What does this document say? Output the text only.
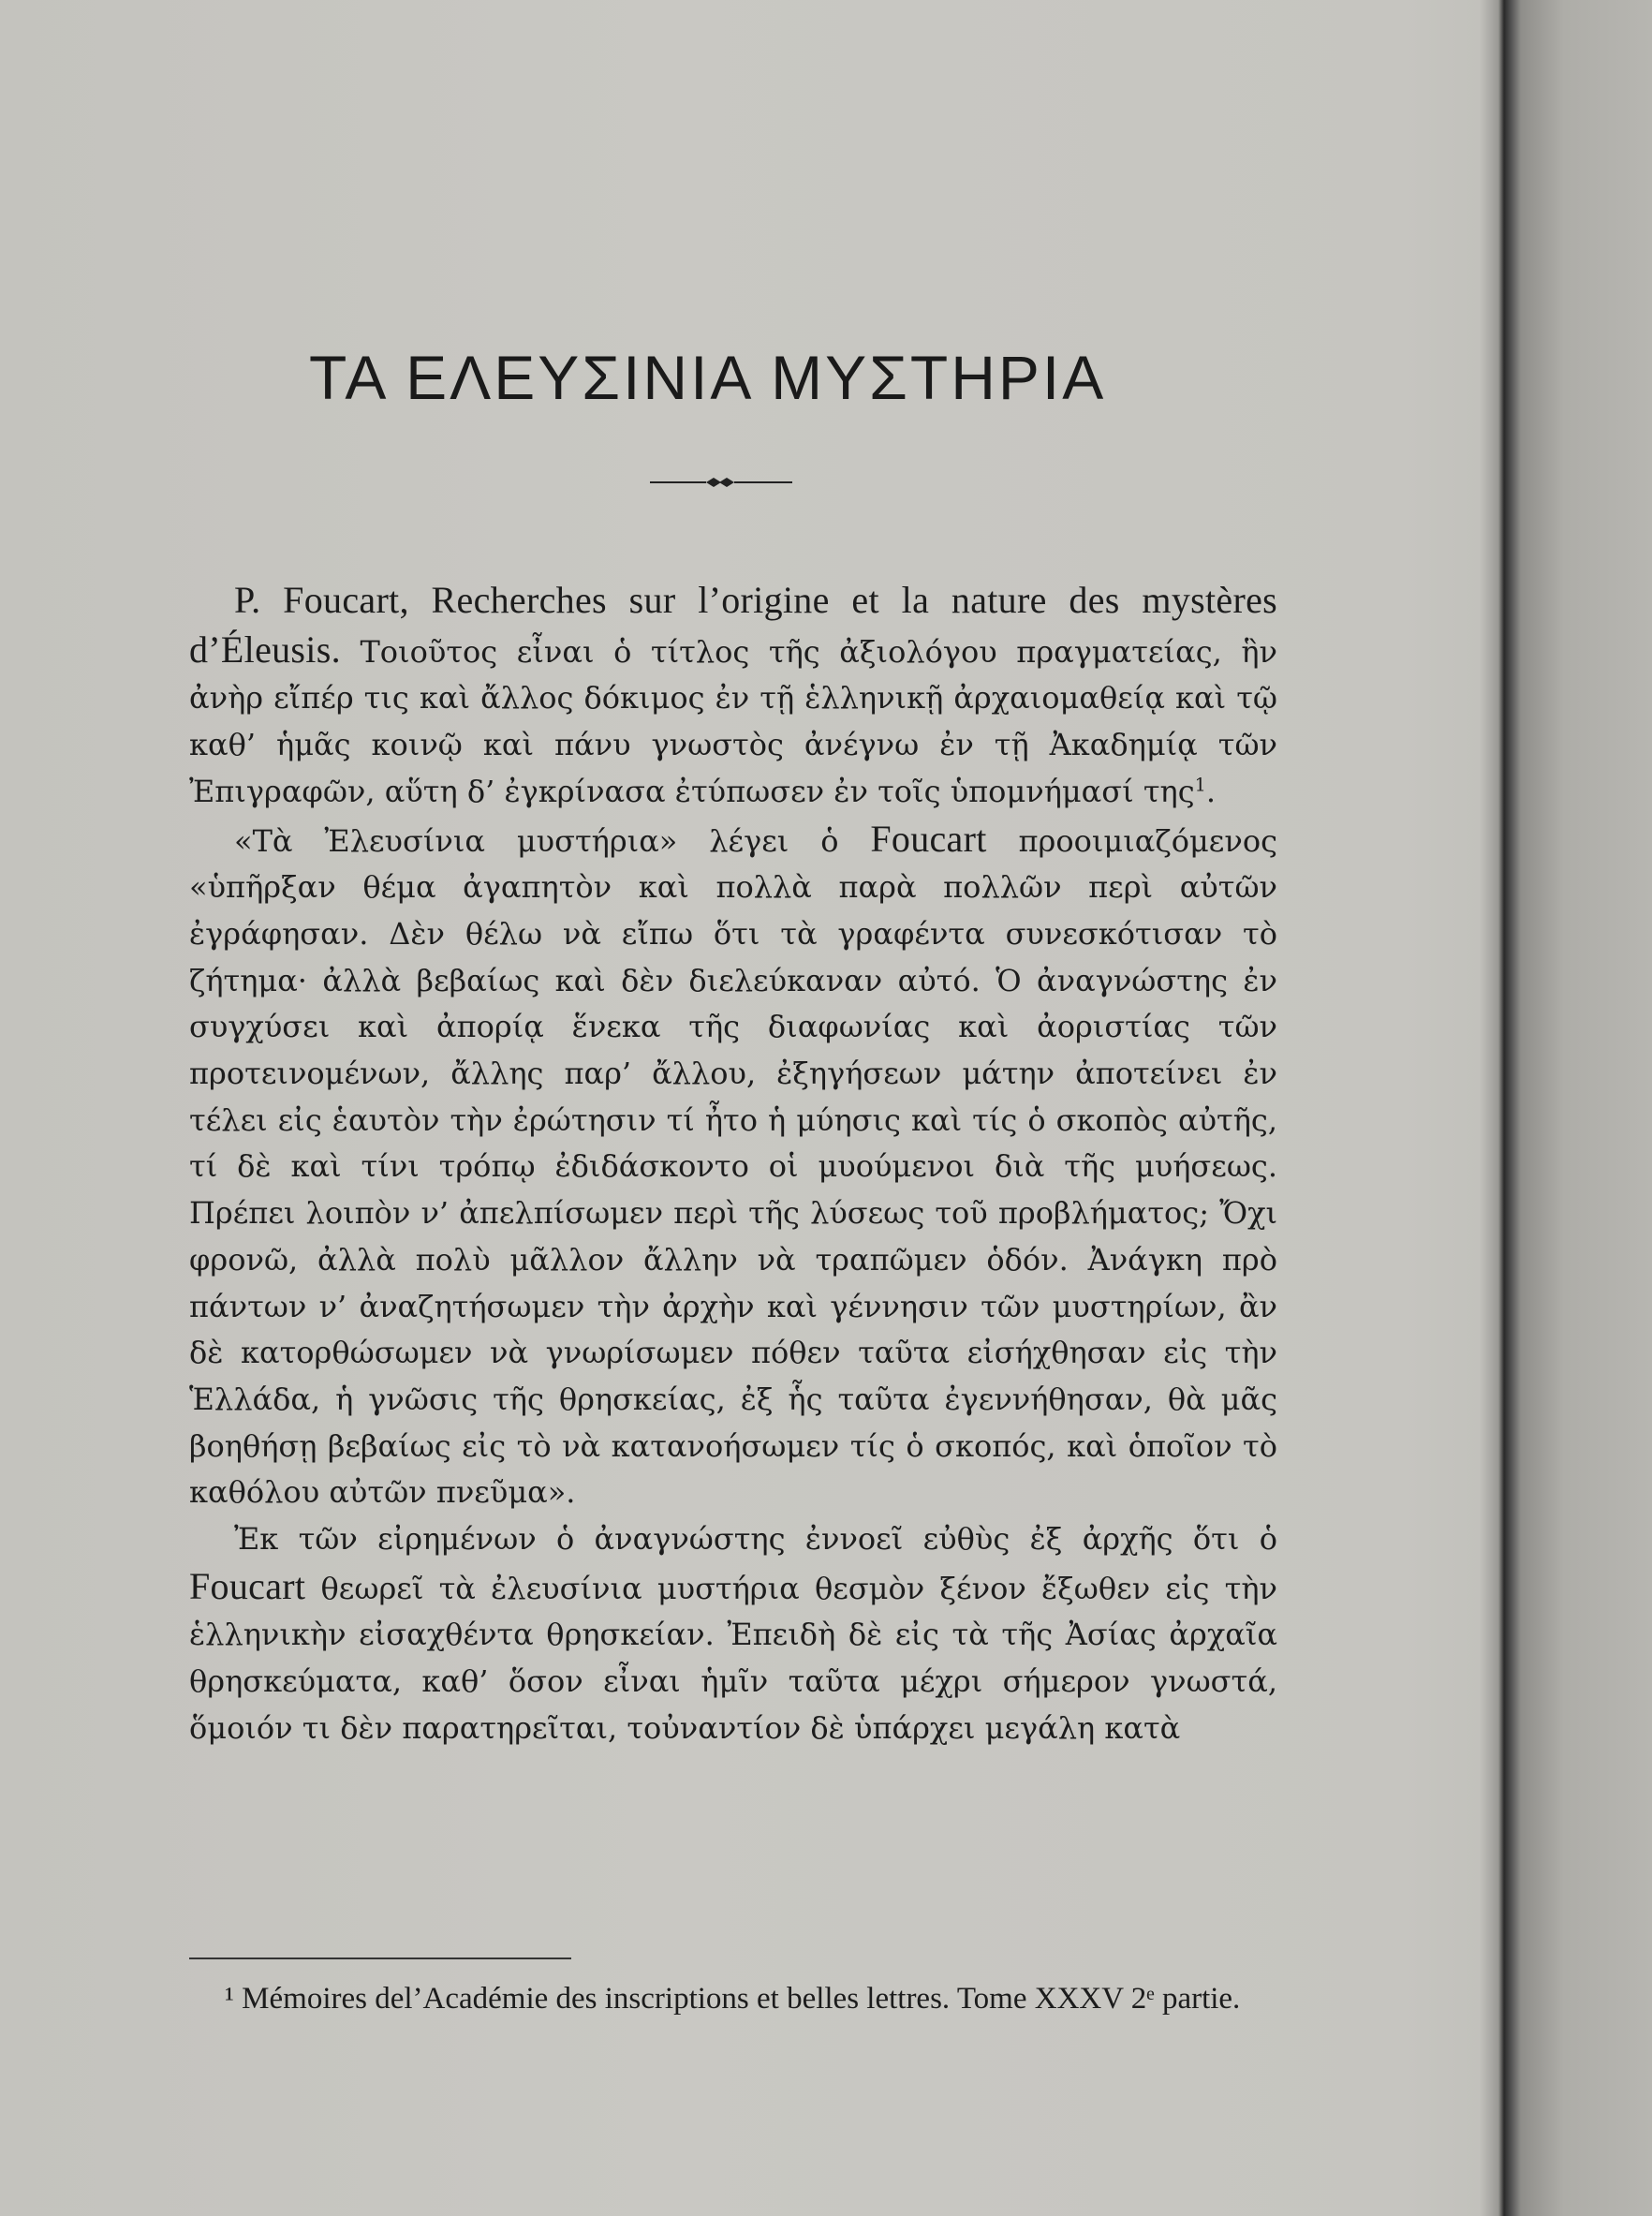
ΤΑ ΕΛΕΥΣΙΝΙΑ ΜΥΣΤΗΡΙΑ

P. Foucart, Recherches sur l’origine et la nature des mystères d’Éleusis. Τοιοῦτος εἶναι ὁ τίτλος τῆς ἀξιολόγου πραγματείας, ἣν ἀνὴρ εἴπέρ τις καὶ ἄλλος δόκιμος ἐν τῇ ἑλληνικῇ ἀρχαιομαθείᾳ καὶ τῷ καθ’ ἡμᾶς κοινῷ καὶ πάνυ γνωστὸς ἀνέγνω ἐν τῇ Ἀκαδημίᾳ τῶν Ἐπιγραφῶν, αὕτη δ’ ἐγκρίνασα ἐτύπωσεν ἐν τοῖς ὑπομνήμασί της$^1$.

«Τὰ Ἐλευσίνια μυστήρια» λέγει ὁ Foucart προοιμιαζόμενος «ὑπῆρξαν θέμα ἀγαπητὸν καὶ πολλὰ παρὰ πολλῶν περὶ αὐτῶν ἐγράφησαν. Δὲν θέλω νὰ εἴπω ὅτι τὰ γραφέντα συνεσκότισαν τὸ ζήτημα· ἀλλὰ βεβαίως καὶ δὲν διελεύκαναν αὐτό. Ὁ ἀναγνώστης ἐν συγχύσει καὶ ἀπορίᾳ ἕνεκα τῆς διαφωνίας καὶ ἀοριστίας τῶν προτεινομένων, ἄλλης παρ’ ἄλλου, ἐξηγήσεων μάτην ἀποτείνει ἐν τέλει εἰς ἑαυτὸν τὴν ἐρώτησιν τί ἦτο ἡ μύησις καὶ τίς ὁ σκοπὸς αὐτῆς, τί δὲ καὶ τίνι τρόπῳ ἐδιδάσκοντο οἱ μυούμενοι διὰ τῆς μυήσεως. Πρέπει λοιπὸν ν’ ἀπελπίσωμεν περὶ τῆς λύσεως τοῦ προβλήματος; Ὄχι φρονῶ, ἀλλὰ πολὺ μᾶλλον ἄλλην νὰ τραπῶμεν ὁδόν. Ἀνάγκη πρὸ πάντων ν’ ἀναζητήσωμεν τὴν ἀρχὴν καὶ γέννησιν τῶν μυστηρίων, ἂν δὲ κατορθώσωμεν νὰ γνωρίσωμεν πόθεν ταῦτα εἰσήχθησαν εἰς τὴν Ἑλλάδα, ἡ γνῶσις τῆς θρησκείας, ἐξ ἧς ταῦτα ἐγεννήθησαν, θὰ μᾶς βοηθήσῃ βεβαίως εἰς τὸ νὰ κατανοήσωμεν τίς ὁ σκοπός, καὶ ὁποῖον τὸ καθόλου αὐτῶν πνεῦμα».

Ἐκ τῶν εἰρημένων ὁ ἀναγνώστης ἐννοεῖ εὐθὺς ἐξ ἀρχῆς ὅτι ὁ Foucart θεωρεῖ τὰ ἐλευσίνια μυστήρια θεσμὸν ξένον ἔξωθεν εἰς τὴν ἑλληνικὴν εἰσαχθέντα θρησκείαν. Ἐπειδὴ δὲ εἰς τὰ τῆς Ἀσίας ἀρχαῖα θρησκεύματα, καθ’ ὅσον εἶναι ἡμῖν ταῦτα μέχρι σήμερον γνωστά, ὅμοιόν τι δὲν παρατηρεῖται, τοὐναντίον δὲ ὑπάρχει μεγάλη κατὰ

¹ Mémoires del’Académie des inscriptions et belles lettres. Tome XXXV 2ᵉ partie.
